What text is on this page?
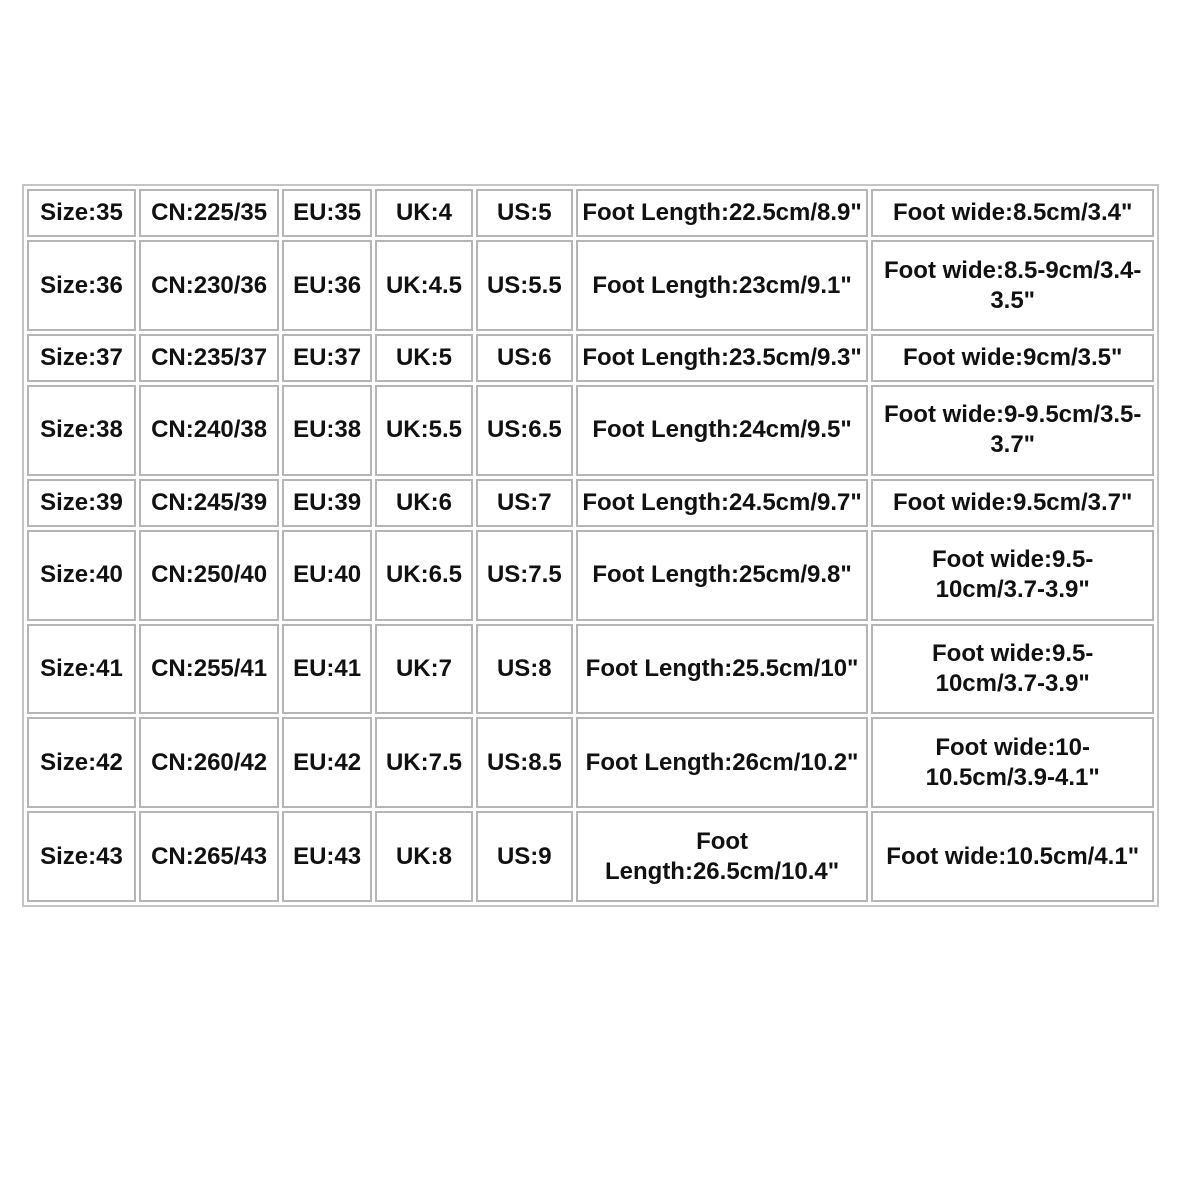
Size:35	CN:225/35	EU:35	UK:4	US:5	Foot Length:22.5cm/8.9"	Foot wide:8.5cm/3.4"
Size:36	CN:230/36	EU:36	UK:4.5	US:5.5	Foot Length:23cm/9.1"	Foot wide:8.5-9cm/3.4-3.5"
Size:37	CN:235/37	EU:37	UK:5	US:6	Foot Length:23.5cm/9.3"	Foot wide:9cm/3.5"
Size:38	CN:240/38	EU:38	UK:5.5	US:6.5	Foot Length:24cm/9.5"	Foot wide:9-9.5cm/3.5-3.7"
Size:39	CN:245/39	EU:39	UK:6	US:7	Foot Length:24.5cm/9.7"	Foot wide:9.5cm/3.7"
Size:40	CN:250/40	EU:40	UK:6.5	US:7.5	Foot Length:25cm/9.8"	Foot wide:9.5-10cm/3.7-3.9"
Size:41	CN:255/41	EU:41	UK:7	US:8	Foot Length:25.5cm/10"	Foot wide:9.5-10cm/3.7-3.9"
Size:42	CN:260/42	EU:42	UK:7.5	US:8.5	Foot Length:26cm/10.2"	Foot wide:10-10.5cm/3.9-4.1"
Size:43	CN:265/43	EU:43	UK:8	US:9	Foot Length:26.5cm/10.4"	Foot wide:10.5cm/4.1"
